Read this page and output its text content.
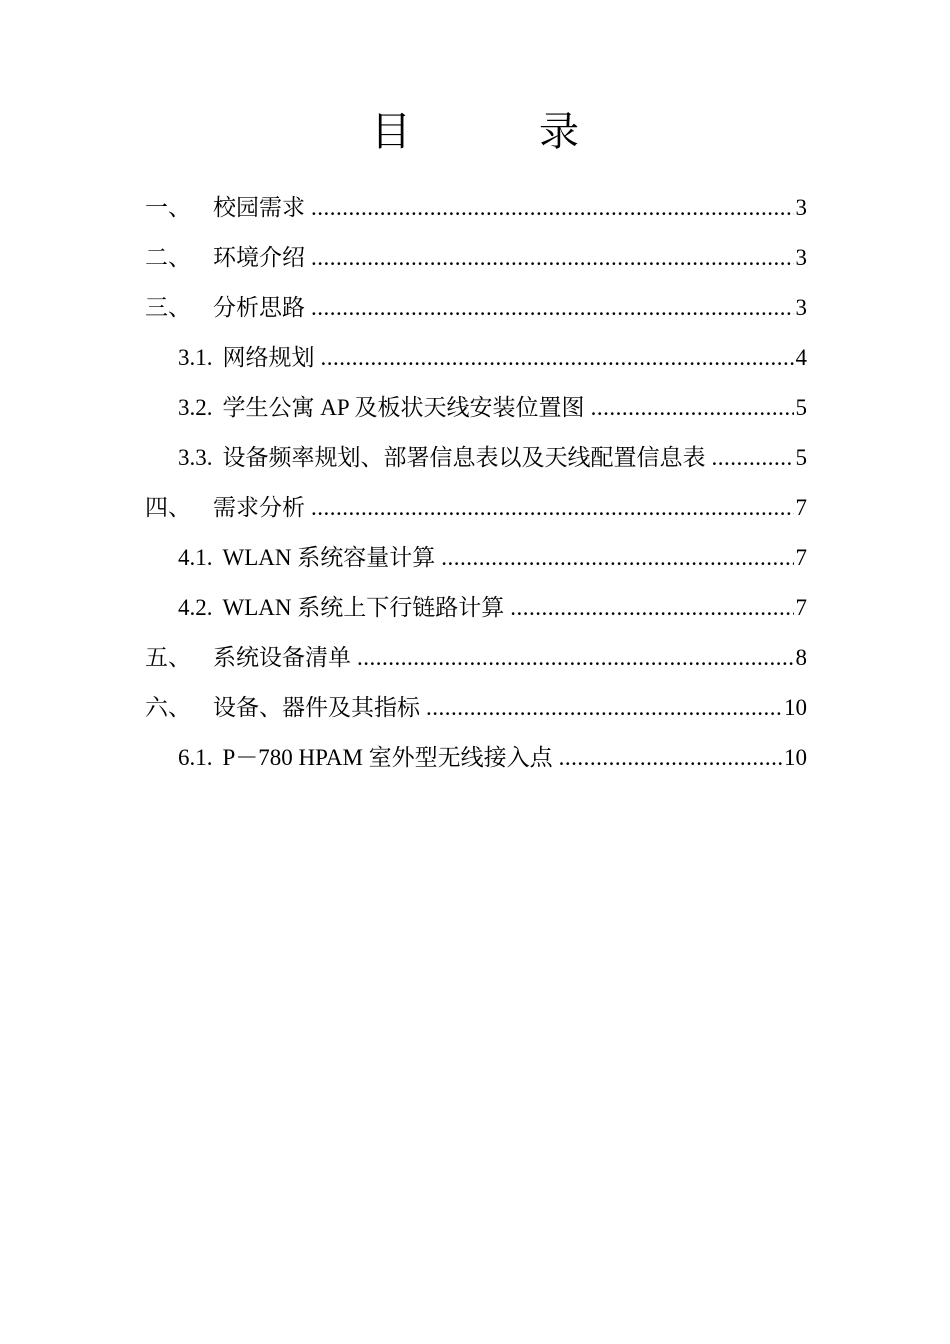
目　录
一、 校园需求 .....	3
二、 环境介绍 .....	3
三、 分析思路 .....	3
3.1. 网络规划 .....	4
3.2. 学生公寓 AP 及板状天线安装位置图 .....	5
3.3. 设备频率规划、部署信息表以及天线配置信息表 .....	5
四、 需求分析 .....	7
4.1. WLAN 系统容量计算 .....	7
4.2. WLAN 系统上下行链路计算 .....	7
五、 系统设备清单 .....	8
六、 设备、器件及其指标 .....	10
6.1. P－780 HPAM 室外型无线接入点 .....	10
